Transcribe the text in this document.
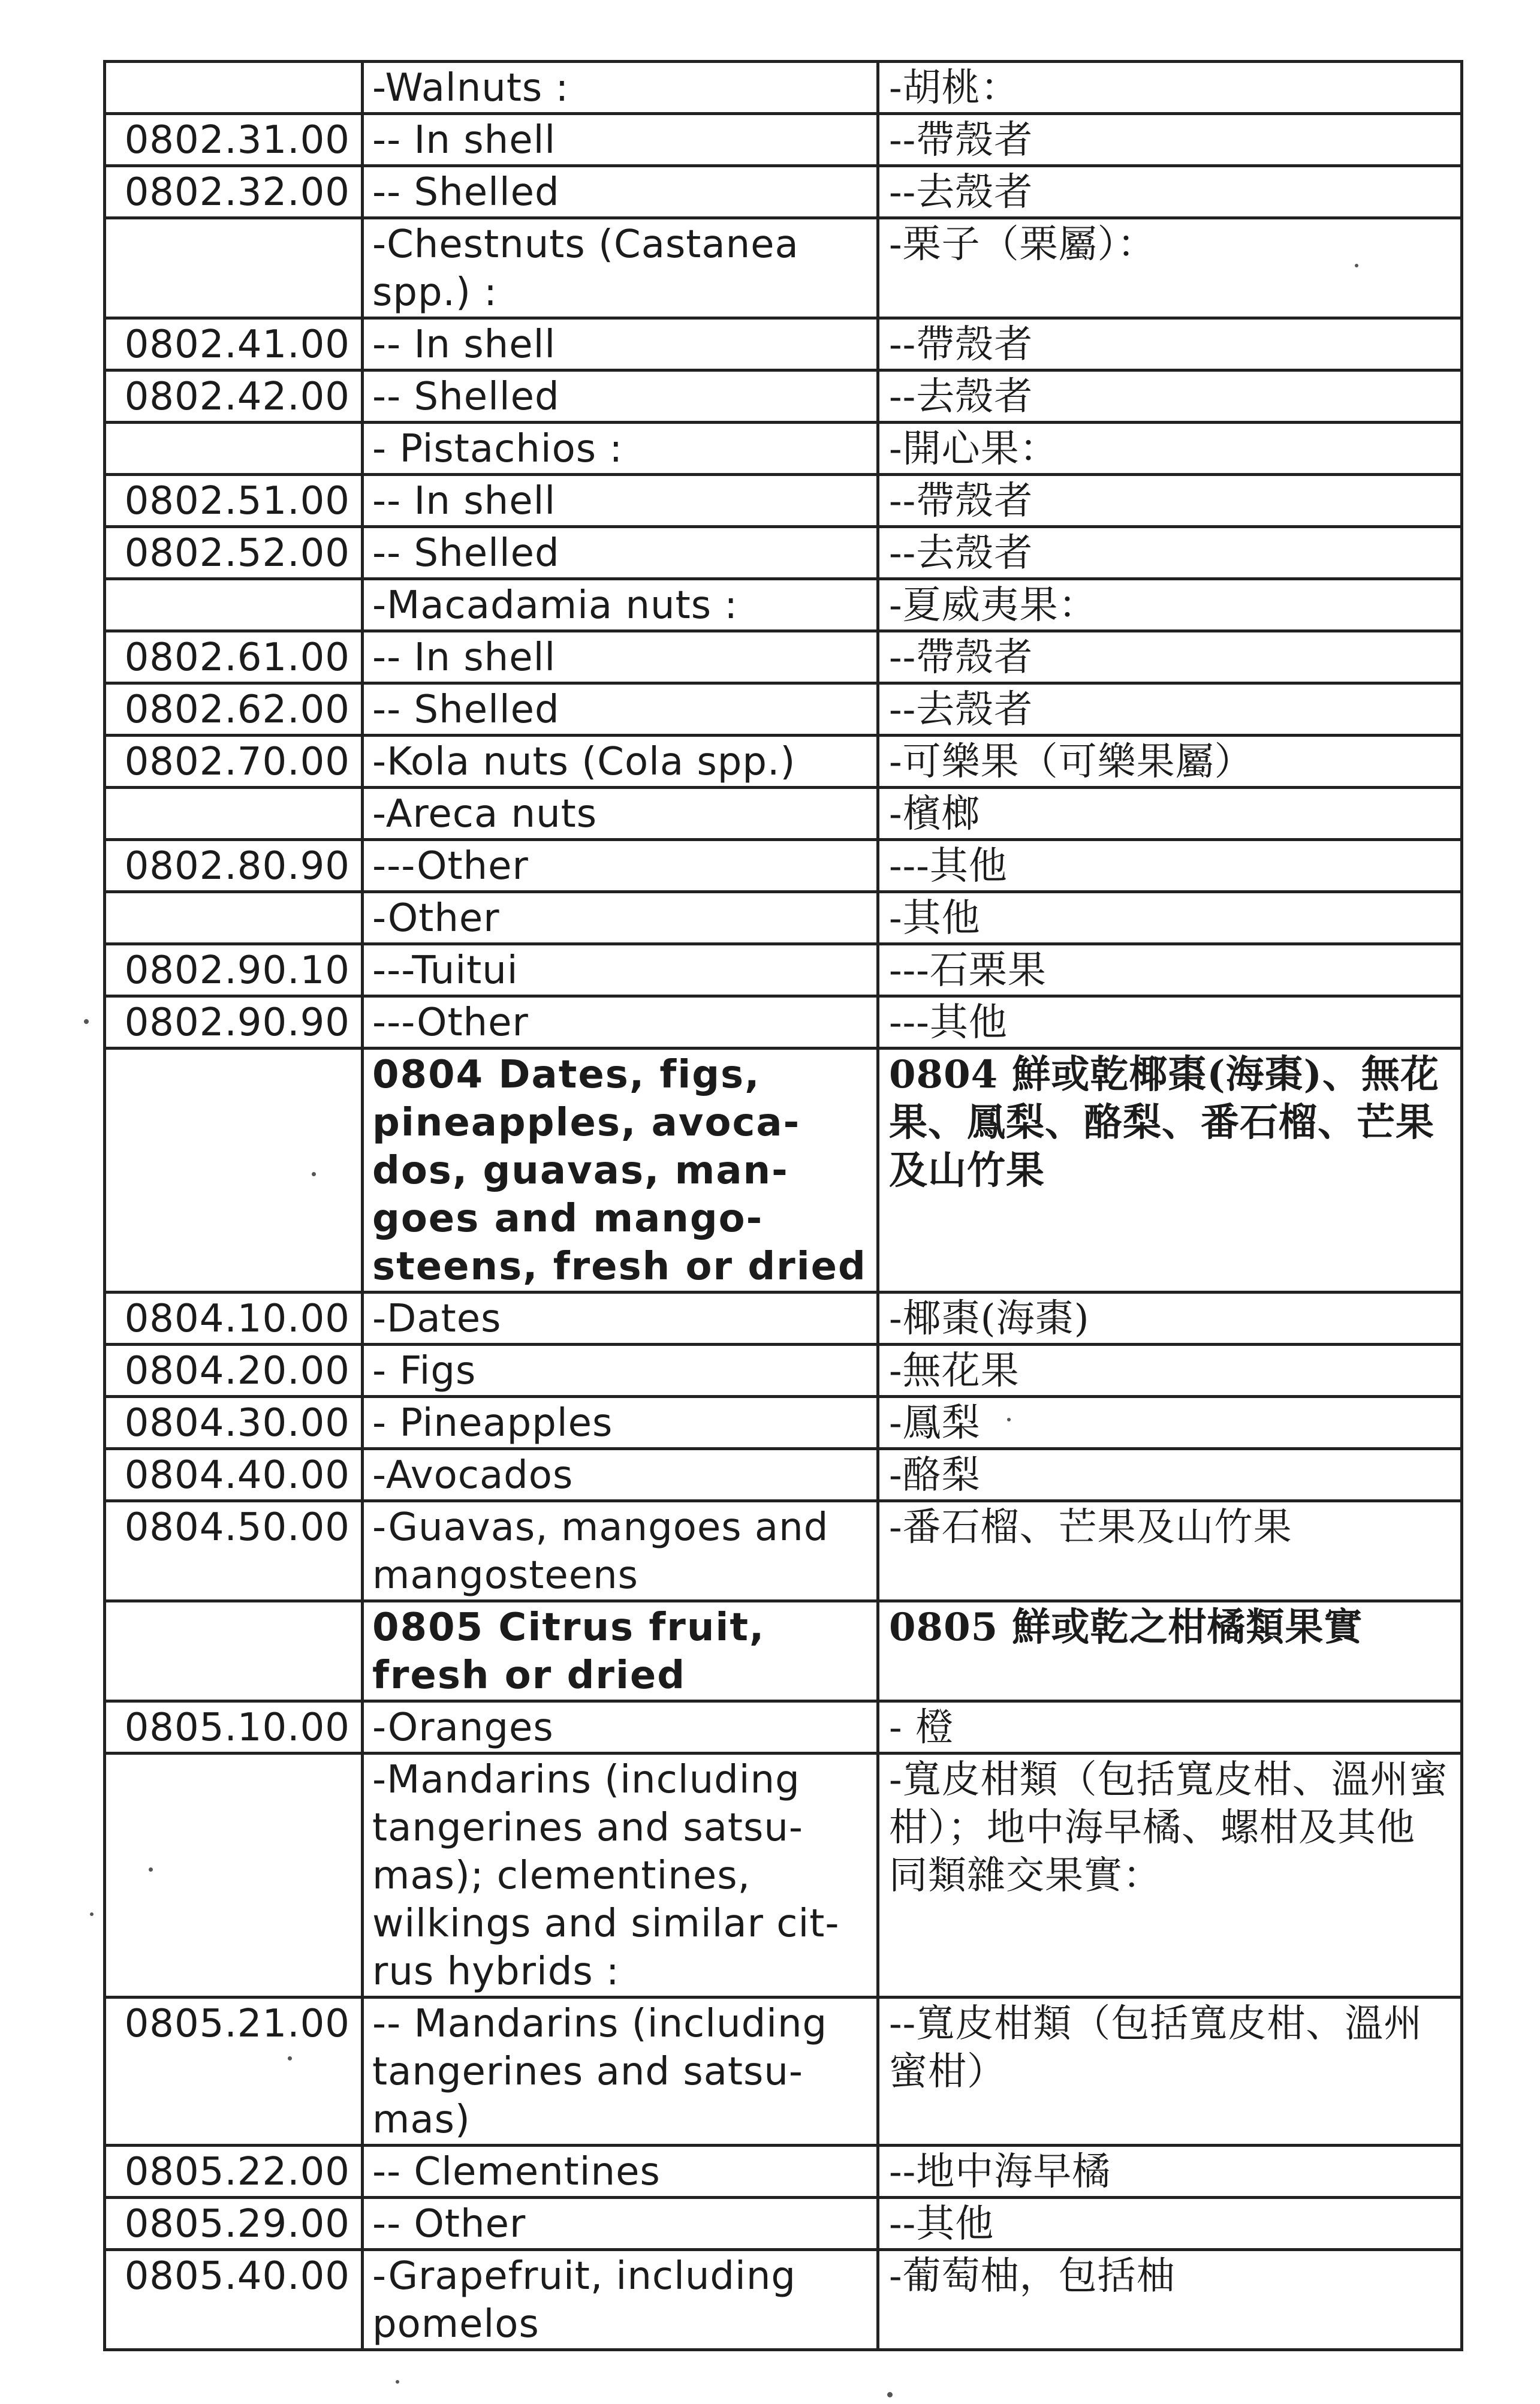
	-Walnuts :	-胡桃：
0802.31.00	-- In shell	--帶殼者
0802.32.00	-- Shelled	--去殼者
	-Chestnuts (Castanea spp.) :	-栗子（栗屬）：
0802.41.00	-- In shell	--帶殼者
0802.42.00	-- Shelled	--去殼者
	- Pistachios :	-開心果：
0802.51.00	-- In shell	--帶殼者
0802.52.00	-- Shelled	--去殼者
	-Macadamia nuts :	-夏威夷果：
0802.61.00	-- In shell	--帶殼者
0802.62.00	-- Shelled	--去殼者
0802.70.00	-Kola nuts (Cola spp.)	-可樂果（可樂果屬）
	-Areca nuts	-檳榔
0802.80.90	---Other	---其他
	-Other	-其他
0802.90.10	---Tuitui	---石栗果
0802.90.90	---Other	---其他
	0804 Dates, figs, pineapples, avoca-dos, guavas, man-goes and mango-steens, fresh or dried	0804 鮮或乾椰棗(海棗)、無花果、鳳梨、酪梨、番石榴、芒果及山竹果
0804.10.00	-Dates	-椰棗(海棗)
0804.20.00	- Figs	-無花果
0804.30.00	- Pineapples	-鳳梨
0804.40.00	-Avocados	-酪梨
0804.50.00	-Guavas, mangoes and mangosteens	-番石榴、芒果及山竹果
	0805 Citrus fruit, fresh or dried	0805 鮮或乾之柑橘類果實
0805.10.00	-Oranges	- 橙
	-Mandarins (including tangerines and satsu-mas); clementines, wilkings and similar cit-rus hybrids :	-寬皮柑類（包括寬皮柑、溫州蜜柑）；地中海早橘、螺柑及其他同類雜交果實：
0805.21.00	-- Mandarins (including tangerines and satsu-mas)	--寬皮柑類（包括寬皮柑、溫州蜜柑）
0805.22.00	-- Clementines	--地中海早橘
0805.29.00	-- Other	--其他
0805.40.00	-Grapefruit, including pomelos	-葡萄柚，包括柚
